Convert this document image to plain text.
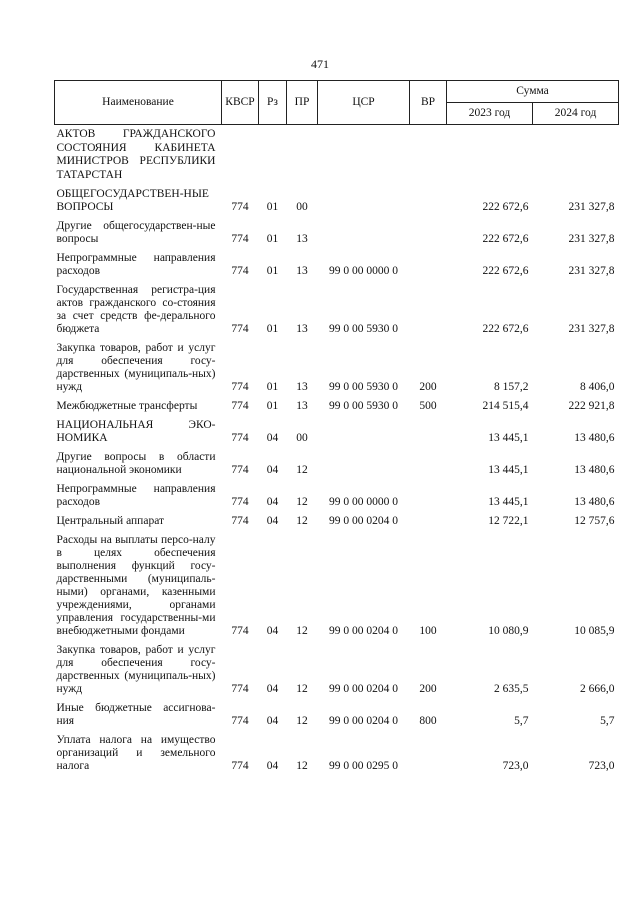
471
Наименование	КВСР	Рз	ПР	ЦСР	ВР	Сумма	
						2023 год	2024 год
АКТОВ ГРАЖДАНСКОГО СОСТОЯНИЯ КАБИНЕТА МИНИСТРОВ РЕСПУБЛИКИ ТАТАРСТАН							
ОБЩЕГОСУДАРСТВЕН-НЫЕ ВОПРОСЫ	774	01	00			222 672,6	231 327,8
Другие общегосударствен-ные вопросы	774	01	13			222 672,6	231 327,8
Непрограммные направления расходов	774	01	13	99 0 00 0000 0		222 672,6	231 327,8
Государственная регистра-ция актов гражданского со-стояния за счет средств фе-дерального бюджета	774	01	13	99 0 00 5930 0		222 672,6	231 327,8
Закупка товаров, работ и услуг для обеспечения госу-дарственных (муниципаль-ных) нужд	774	01	13	99 0 00 5930 0	200	8 157,2	8 406,0
Межбюджетные трансферты	774	01	13	99 0 00 5930 0	500	214 515,4	222 921,8
НАЦИОНАЛЬНАЯ ЭКО-НОМИКА	774	04	00			13 445,1	13 480,6
Другие вопросы в области национальной экономики	774	04	12			13 445,1	13 480,6
Непрограммные направления расходов	774	04	12	99 0 00 0000 0		13 445,1	13 480,6
Центральный аппарат	774	04	12	99 0 00 0204 0		12 722,1	12 757,6
Расходы на выплаты персо-налу в целях обеспечения выполнения функций госу-дарственными (муниципаль-ными) органами, казенными учреждениями, органами управления государственны-ми внебюджетными фондами	774	04	12	99 0 00 0204 0	100	10 080,9	10 085,9
Закупка товаров, работ и услуг для обеспечения госу-дарственных (муниципаль-ных) нужд	774	04	12	99 0 00 0204 0	200	2 635,5	2 666,0
Иные бюджетные ассигнова-ния	774	04	12	99 0 00 0204 0	800	5,7	5,7
Уплата налога на имущество организаций и земельного налога	774	04	12	99 0 00 0295 0		723,0	723,0
